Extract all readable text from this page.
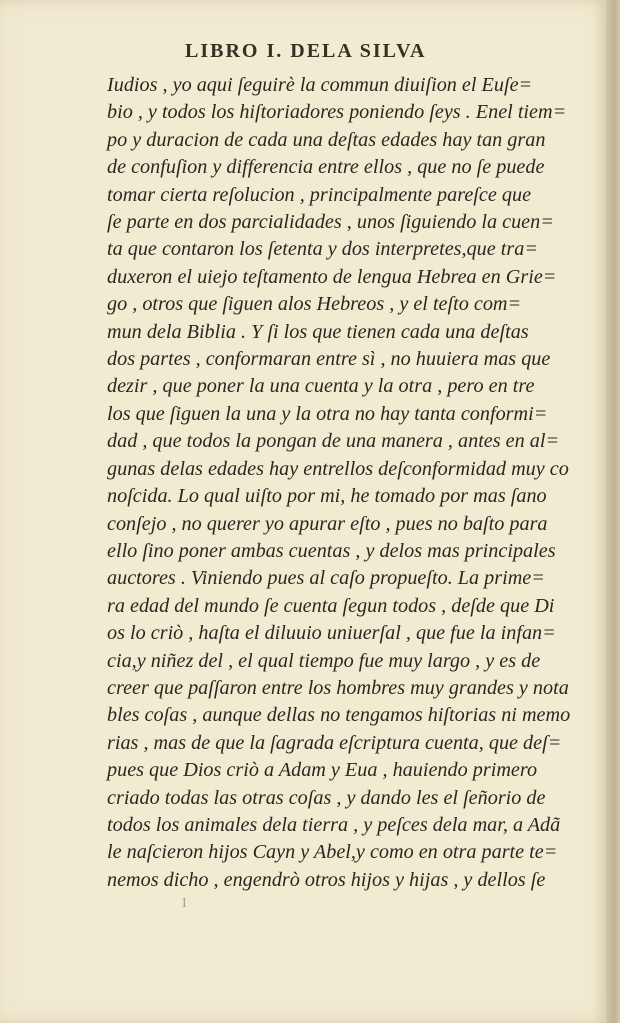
LIBRO I. DELA SILVA
Iudios , yo aqui ſeguirè la commun diuiſion el Euſe=
bio , y todos los hiſtoriadores poniendo ſeys . Enel tiem=
po y duracion de cada una deſtas edades hay tan gran
de confuſion y differencia entre ellos , que no ſe puede
tomar cierta reſolucion , principalmente pareſce que
ſe parte en dos parcialidades , unos ſiguiendo la cuen=
ta que contaron los ſetenta y dos interpretes,que tra=
duxeron el uiejo teſtamento de lengua Hebrea en Grie=
go , otros que ſiguen alos Hebreos , y el teſto com=
mun dela Biblia . Y ſi los que tienen cada una deſtas
dos partes , conformaran entre sì , no huuiera mas que
dezir , que poner la una cuenta y la otra , pero en tre
los que ſiguen la una y la otra no hay tanta conformi=
dad , que todos la pongan de una manera , antes en al=
gunas delas edades hay entrellos deſconformidad muy co
noſcida. Lo qual uiſto por mi, he tomado por mas ſano
conſejo , no querer yo apurar eſto , pues no baſto para
ello ſino poner ambas cuentas , y delos mas principales
auctores . Viniendo pues al caſo propueſto. La prime=
ra edad del mundo ſe cuenta ſegun todos , deſde que Di
os lo criò , haſta el diluuio uniuerſal , que fue la infan=
cia,y niñez del , el qual tiempo fue muy largo , y es de
creer que paſſaron entre los hombres muy grandes y nota
bles coſas , aunque dellas no tengamos hiſtorias ni memo
rias , mas de que la ſagrada eſcriptura cuenta, que deſ=
pues que Dios criò a Adam y Eua , hauiendo primero
criado todas las otras coſas , y dando les el ſeñorio de
todos los animales dela tierra , y peſces dela mar, a Adã
le naſcieron hijos Cayn y Abel,y como en otra parte te=
nemos dicho , engendrò otros hijos y hijas , y dellos ſe
I
